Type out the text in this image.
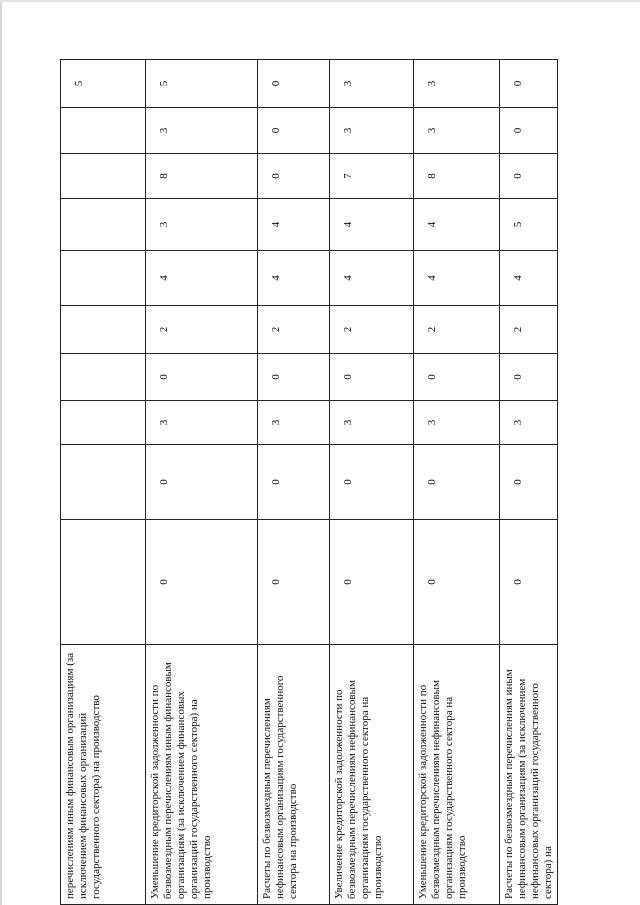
перечислениям иным финансовым организациям (за исключением финансовых организаций государственного сектора) на производство										5
Уменьшение кредиторской задолженности по безвозмездным перечислениям иным финансовым организациям (за исключением финансовых организаций государственного сектора) на производство	0	0	3	0	2	4	3	8	3	5
Расчеты по безвозмездным перечислениям нефинансовым организациям государственного сектора на производство	0	0	3	0	2	4	4	0	0	0
Увеличение кредиторской задолженности по безвозмездным перечислениям нефинансовым организациям государственного сектора на производство	0	0	3	0	2	4	4	7	3	3
Уменьшение кредиторской задолженности по безвозмездным перечислениям нефинансовым организациям государственного сектора на производство	0	0	3	0	2	4	4	8	3	3
Расчеты по безвозмездным перечислениям иным нефинансовым организациям (за исключением нефинансовых организаций государственного сектора) на	0	0	3	0	2	4	5	0	0	0
